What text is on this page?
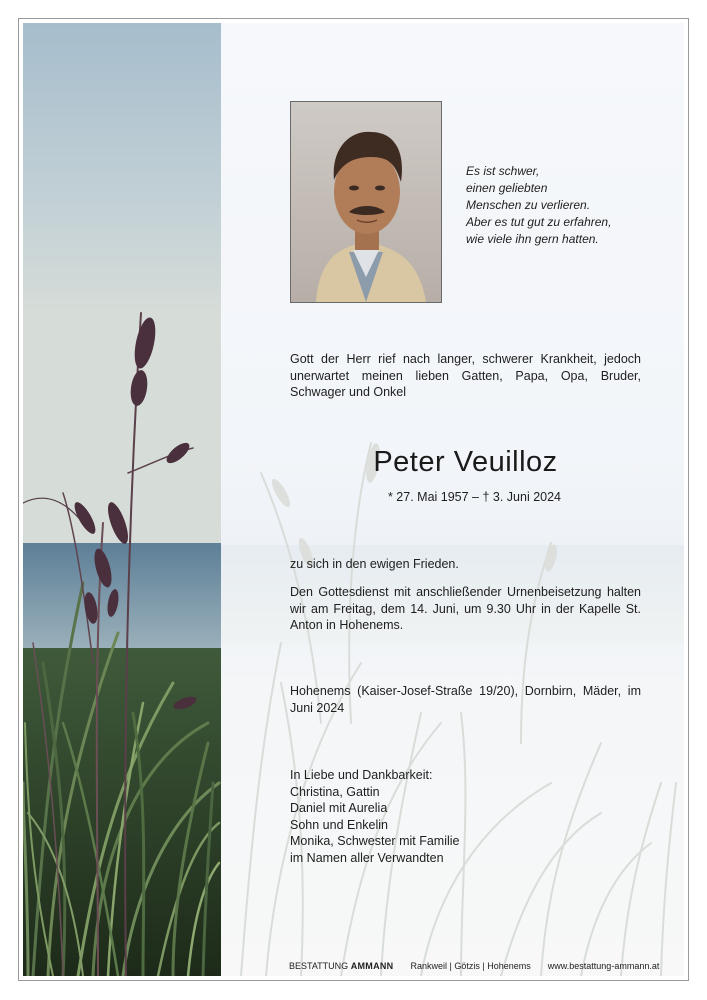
Es ist schwer,
einen geliebten
Menschen zu verlieren.
Aber es tut gut zu erfahren,
wie viele ihn gern hatten.
Gott der Herr rief nach langer, schwerer Krankheit, jedoch unerwartet meinen lieben Gatten, Papa, Opa, Bruder, Schwager und Onkel
Peter Veuilloz
* 27. Mai 1957 – † 3. Juni 2024
zu sich in den ewigen Frieden.
Den Gottesdienst mit anschließender Urnenbeisetzung halten wir am Freitag, dem 14. Juni, um 9.30 Uhr in der Kapelle St. Anton in Hohenems.
Hohenems (Kaiser-Josef-Straße 19/20), Dornbirn, Mäder, im Juni 2024
In Liebe und Dankbarkeit:
Christina, Gattin
Daniel mit Aurelia
Sohn und Enkelin
Monika, Schwester mit Familie
im Namen aller Verwandten
BESTATTUNG AMMANN Rankweil | Götzis | Hohenems www.bestattung-ammann.at
